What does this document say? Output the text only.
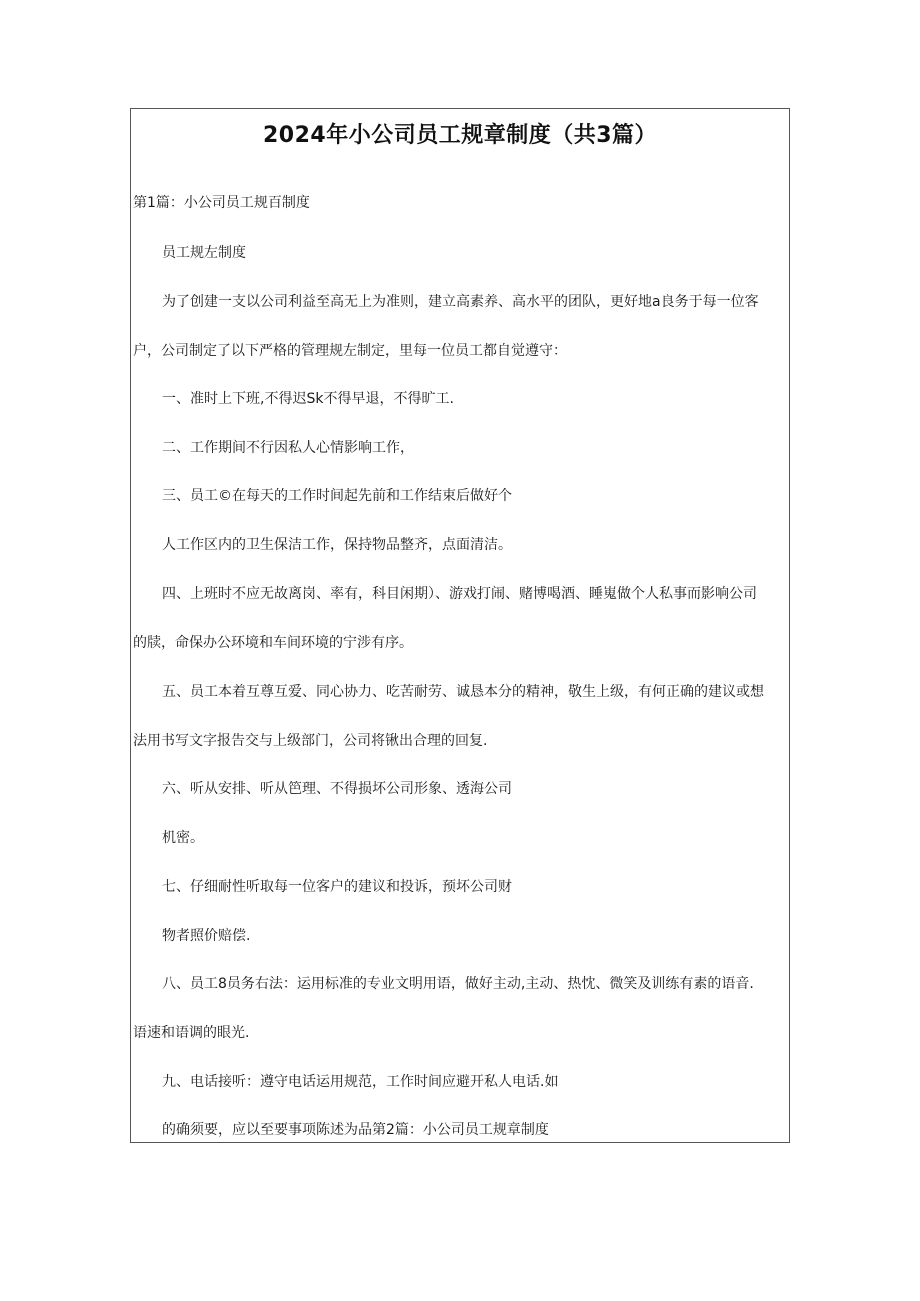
2024年小公司员工规章制度（共3篇）
第1篇：小公司员工规百制度
员工规左制度
为了创建一支以公司利益至高无上为准则，建立高素养、高水平的团队，更好地a良务于每一位客
户，公司制定了以下严格的管理规左制定，里每一位员工都自觉遵守：
一、准时上下班,不得迟Sk不得早退，不得旷工.
二、工作期间不行因私人心情影响工作，
三、员工©在每天的工作时间起先前和工作结束后做好个
人工作区内的卫生保洁工作，保持物品整齐，点面清洁。
四、上班时不应无故离岗、率有，科目闲期）、游戏打闹、赌博喝酒、睡嵬做个人私事而影响公司
的牍，命保办公环境和车间环境的宁涉有序。
五、员工本着互尊互爱、同心协力、吃苦耐劳、诚恳本分的精神，敬生上级，有何正确的建议或想
法用书写文字报告交与上级部门，公司将锹出合理的回复.
六、听从安排、听从笆理、不得损坏公司形象、透海公司
机密。
七、仔细耐性听取每一位客户的建议和投诉，预坏公司财
物者照价赔偿.
八、员工8员务右法：运用标准的专业文明用语，做好主动,主动、热忱、微笑及训练有素的语音.
语速和语调的眼光.
九、电话接听：遵守电话运用规范，工作时间应避开私人电话.如
的确须要，应以至要事项陈述为品第2篇：小公司员工规章制度
